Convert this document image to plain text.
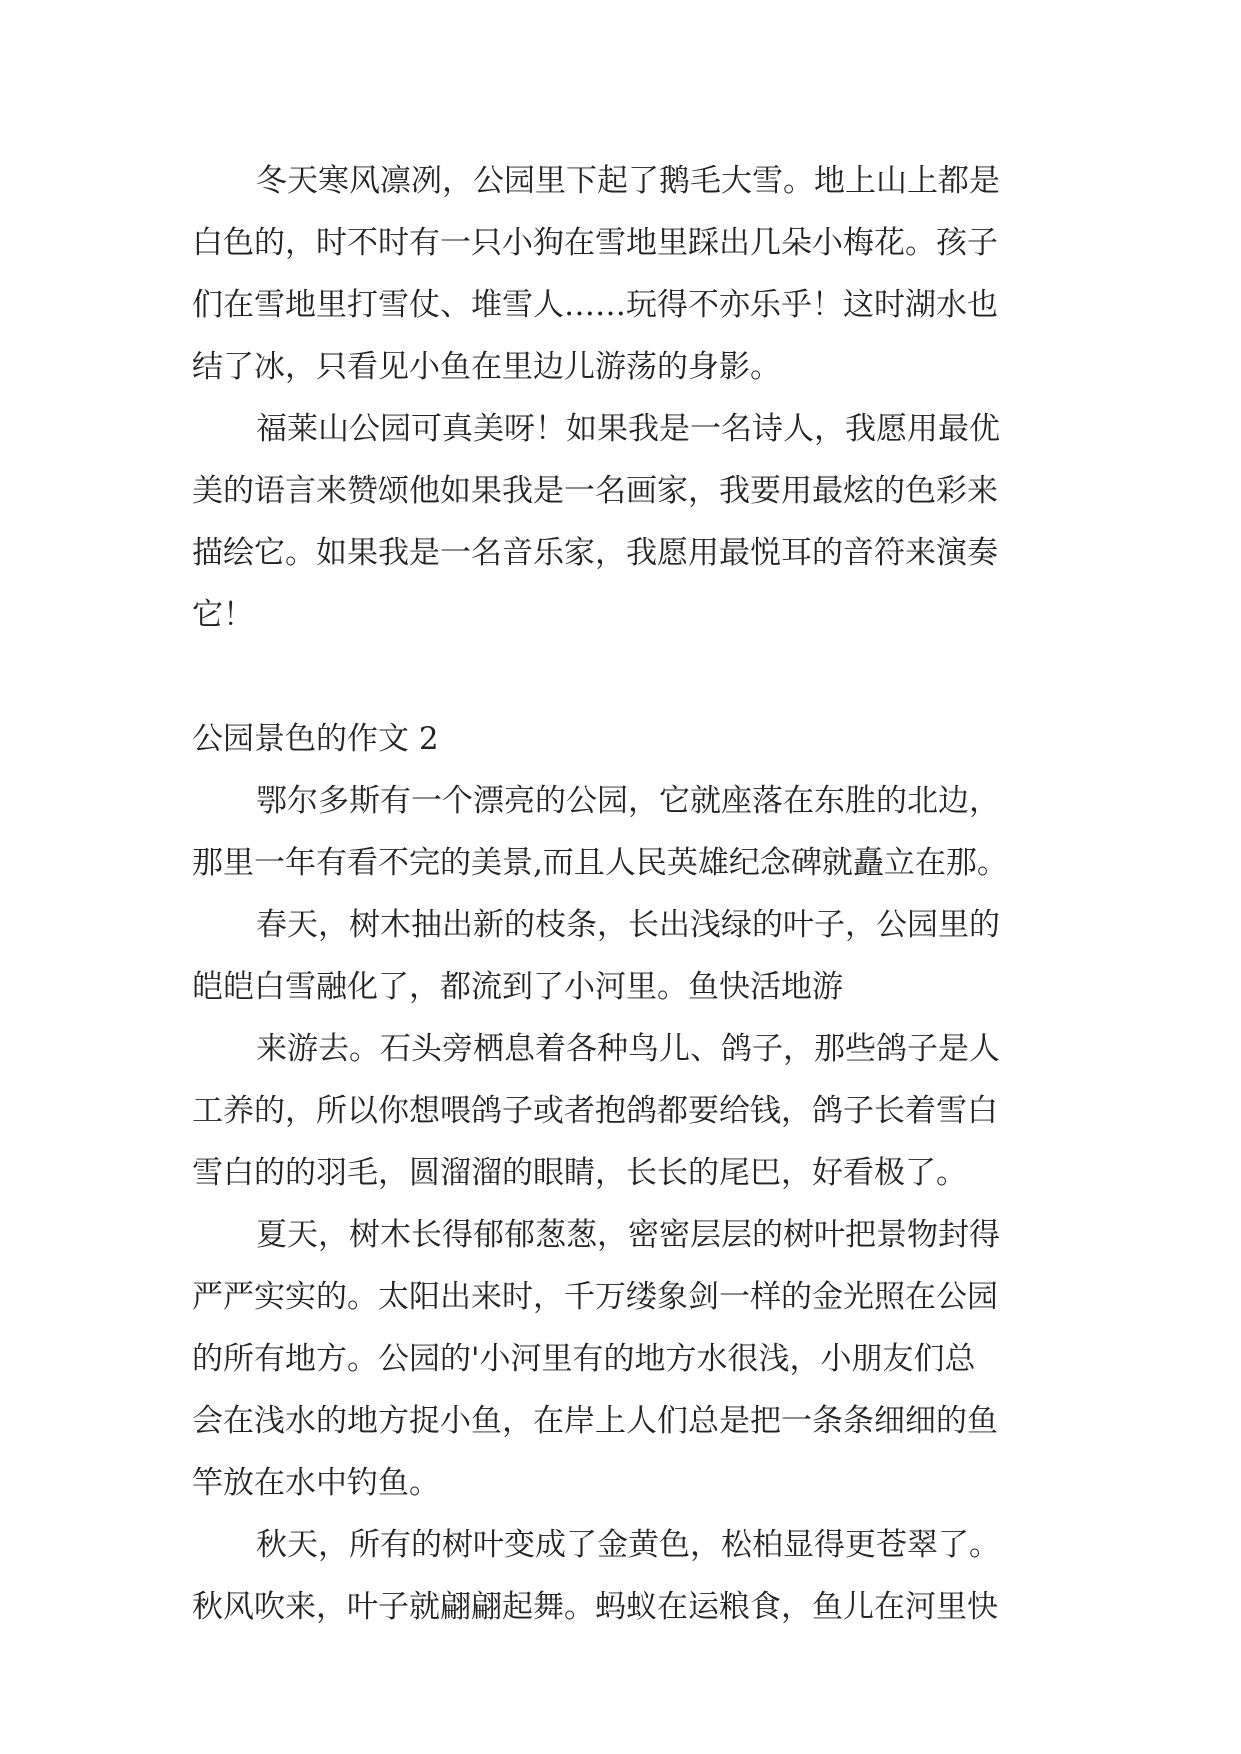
冬天寒风凛冽，公园里下起了鹅毛大雪。地上山上都是
白色的，时不时有一只小狗在雪地里踩出几朵小梅花。孩子
们在雪地里打雪仗、堆雪人……玩得不亦乐乎！这时湖水也
结了冰，只看见小鱼在里边儿游荡的身影。

福莱山公园可真美呀！如果我是一名诗人，我愿用最优
美的语言来赞颂他如果我是一名画家，我要用最炫的色彩来
描绘它。如果我是一名音乐家，我愿用最悦耳的音符来演奏
它！

公园景色的作文 2

鄂尔多斯有一个漂亮的公园，它就座落在东胜的北边，
那里一年有看不完的美景,而且人民英雄纪念碑就矗立在那。

春天，树木抽出新的枝条，长出浅绿的叶子，公园里的
皑皑白雪融化了，都流到了小河里。鱼快活地游

来游去。石头旁栖息着各种鸟儿、鸽子，那些鸽子是人
工养的，所以你想喂鸽子或者抱鸽都要给钱，鸽子长着雪白
雪白的的羽毛，圆溜溜的眼睛，长长的尾巴，好看极了。

夏天，树木长得郁郁葱葱，密密层层的树叶把景物封得
严严实实的。太阳出来时，千万缕象剑一样的金光照在公园
的所有地方。公园的'小河里有的地方水很浅，小朋友们总
会在浅水的地方捉小鱼，在岸上人们总是把一条条细细的鱼
竿放在水中钓鱼。

秋天，所有的树叶变成了金黄色，松柏显得更苍翠了。
秋风吹来，叶子就翩翩起舞。蚂蚁在运粮食，鱼儿在河里快
